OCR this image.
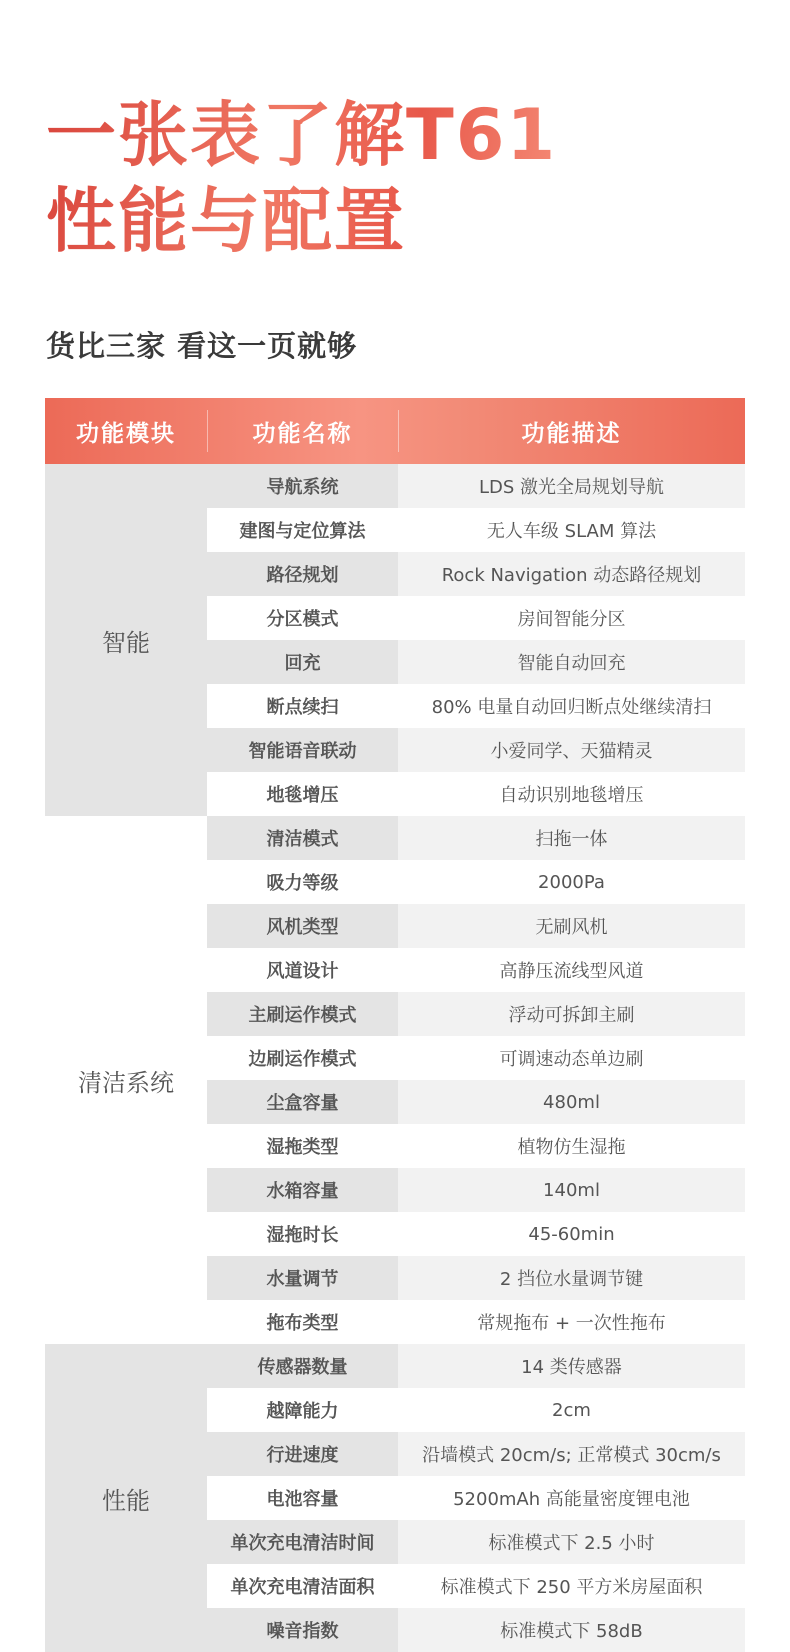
一张表了解T61
性能与配置
货比三家 看这一页就够
功能模块	功能名称	功能描述
智能
导航系统	LDS 激光全局规划导航
建图与定位算法	无人车级 SLAM 算法
路径规划	Rock Navigation 动态路径规划
分区模式	房间智能分区
回充	智能自动回充
断点续扫	80% 电量自动回归断点处继续清扫
智能语音联动	小爱同学、天猫精灵
地毯增压	自动识别地毯增压
清洁系统
清洁模式	扫拖一体
吸力等级	2000Pa
风机类型	无刷风机
风道设计	高静压流线型风道
主刷运作模式	浮动可拆卸主刷
边刷运作模式	可调速动态单边刷
尘盒容量	480ml
湿拖类型	植物仿生湿拖
水箱容量	140ml
湿拖时长	45-60min
水量调节	2 挡位水量调节键
拖布类型	常规拖布 + 一次性拖布
性能
传感器数量	14 类传感器
越障能力	2cm
行进速度	沿墙模式 20cm/s; 正常模式 30cm/s
电池容量	5200mAh 高能量密度锂电池
单次充电清洁时间	标准模式下 2.5 小时
单次充电清洁面积	标准模式下 250 平方米房屋面积
噪音指数	标准模式下 58dB
